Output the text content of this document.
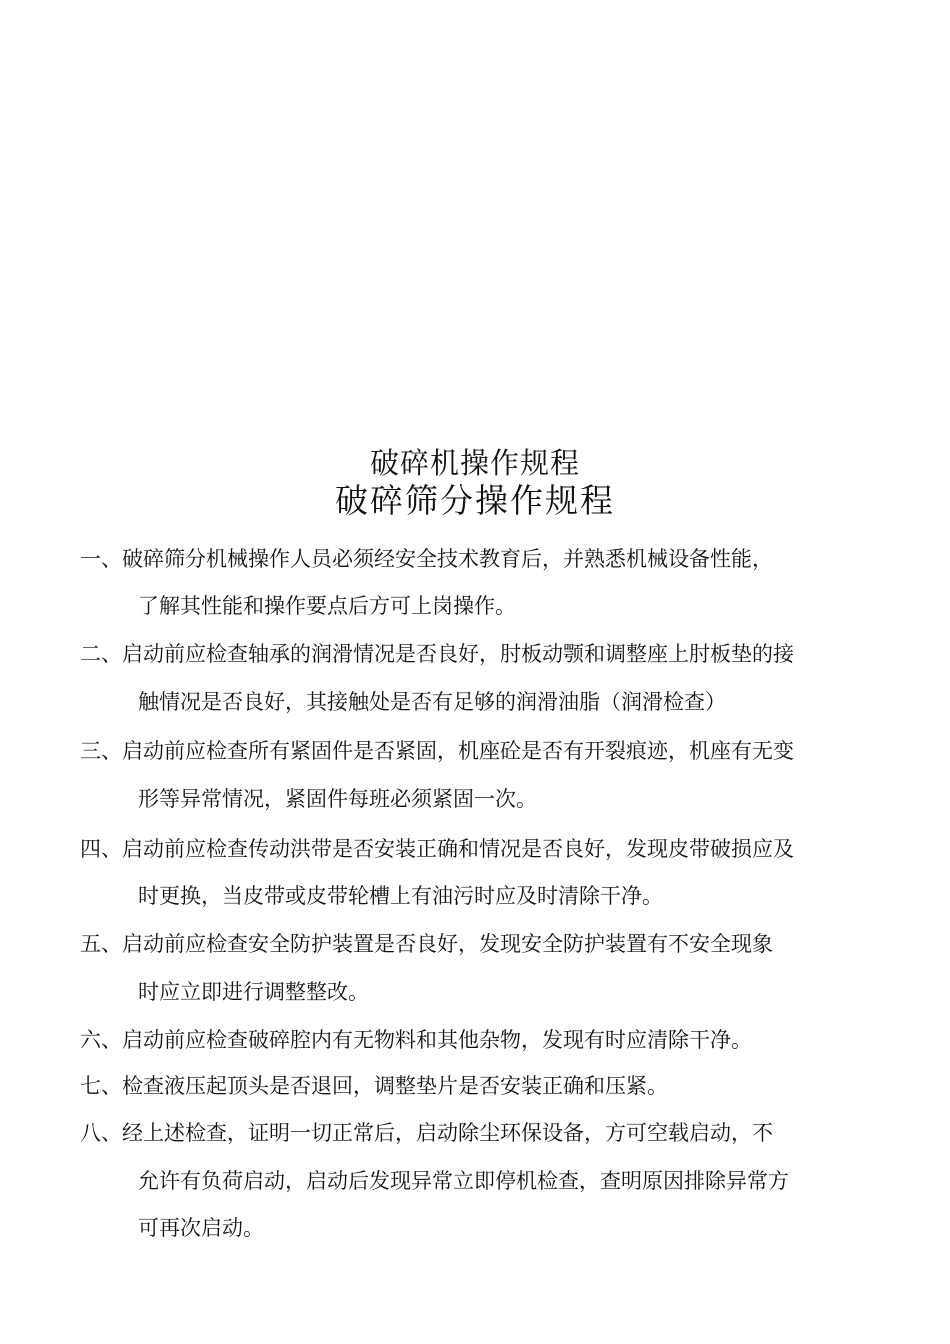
破碎机操作规程
破碎筛分操作规程
一、破碎筛分机械操作人员必须经安全技术教育后，并熟悉机械设备性能，
了解其性能和操作要点后方可上岗操作。
二、启动前应检查轴承的润滑情况是否良好，肘板动颚和调整座上肘板垫的接
触情况是否良好，其接触处是否有足够的润滑油脂（润滑检查）
三、启动前应检查所有紧固件是否紧固，机座砼是否有开裂痕迹，机座有无变
形等异常情况，紧固件每班必须紧固一次。
四、启动前应检查传动洪带是否安装正确和情况是否良好，发现皮带破损应及
时更换，当皮带或皮带轮槽上有油污时应及时清除干净。
五、启动前应检查安全防护装置是否良好，发现安全防护装置有不安全现象
时应立即进行调整整改。
六、启动前应检查破碎腔内有无物料和其他杂物，发现有时应清除干净。
七、检查液压起顶头是否退回，调整垫片是否安装正确和压紧。
八、经上述检查，证明一切正常后，启动除尘环保设备，方可空载启动，不
允许有负荷启动，启动后发现异常立即停机检查，查明原因排除异常方
可再次启动。
